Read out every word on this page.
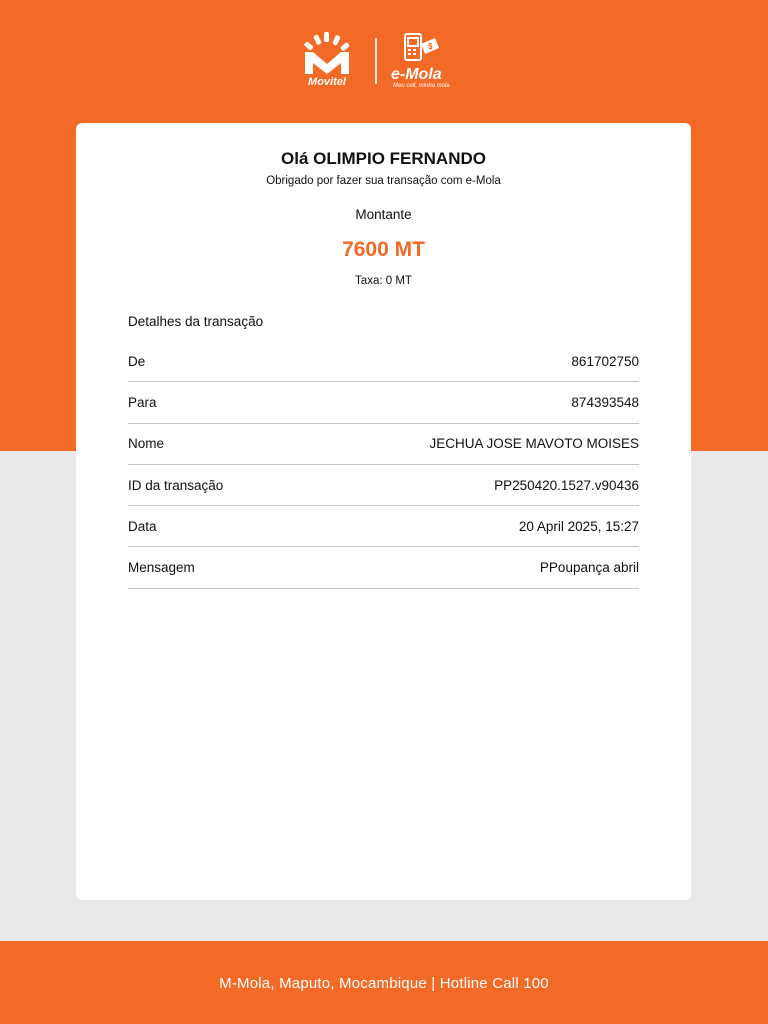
Movitel
$
e-Mola
Meu cell, minha mola
Olá OLIMPIO FERNANDO
Obrigado por fazer sua transação com e-Mola
Montante
7600 MT
Taxa: 0 MT
Detalhes da transação
De	861702750
Para	874393548
Nome	JECHUA JOSE MAVOTO MOISES
ID da transação	PP250420.1527.v90436
Data	20 April 2025, 15:27
Mensagem	PPoupança abril
M-Mola, Maputo, Mocambique | Hotline Call 100
